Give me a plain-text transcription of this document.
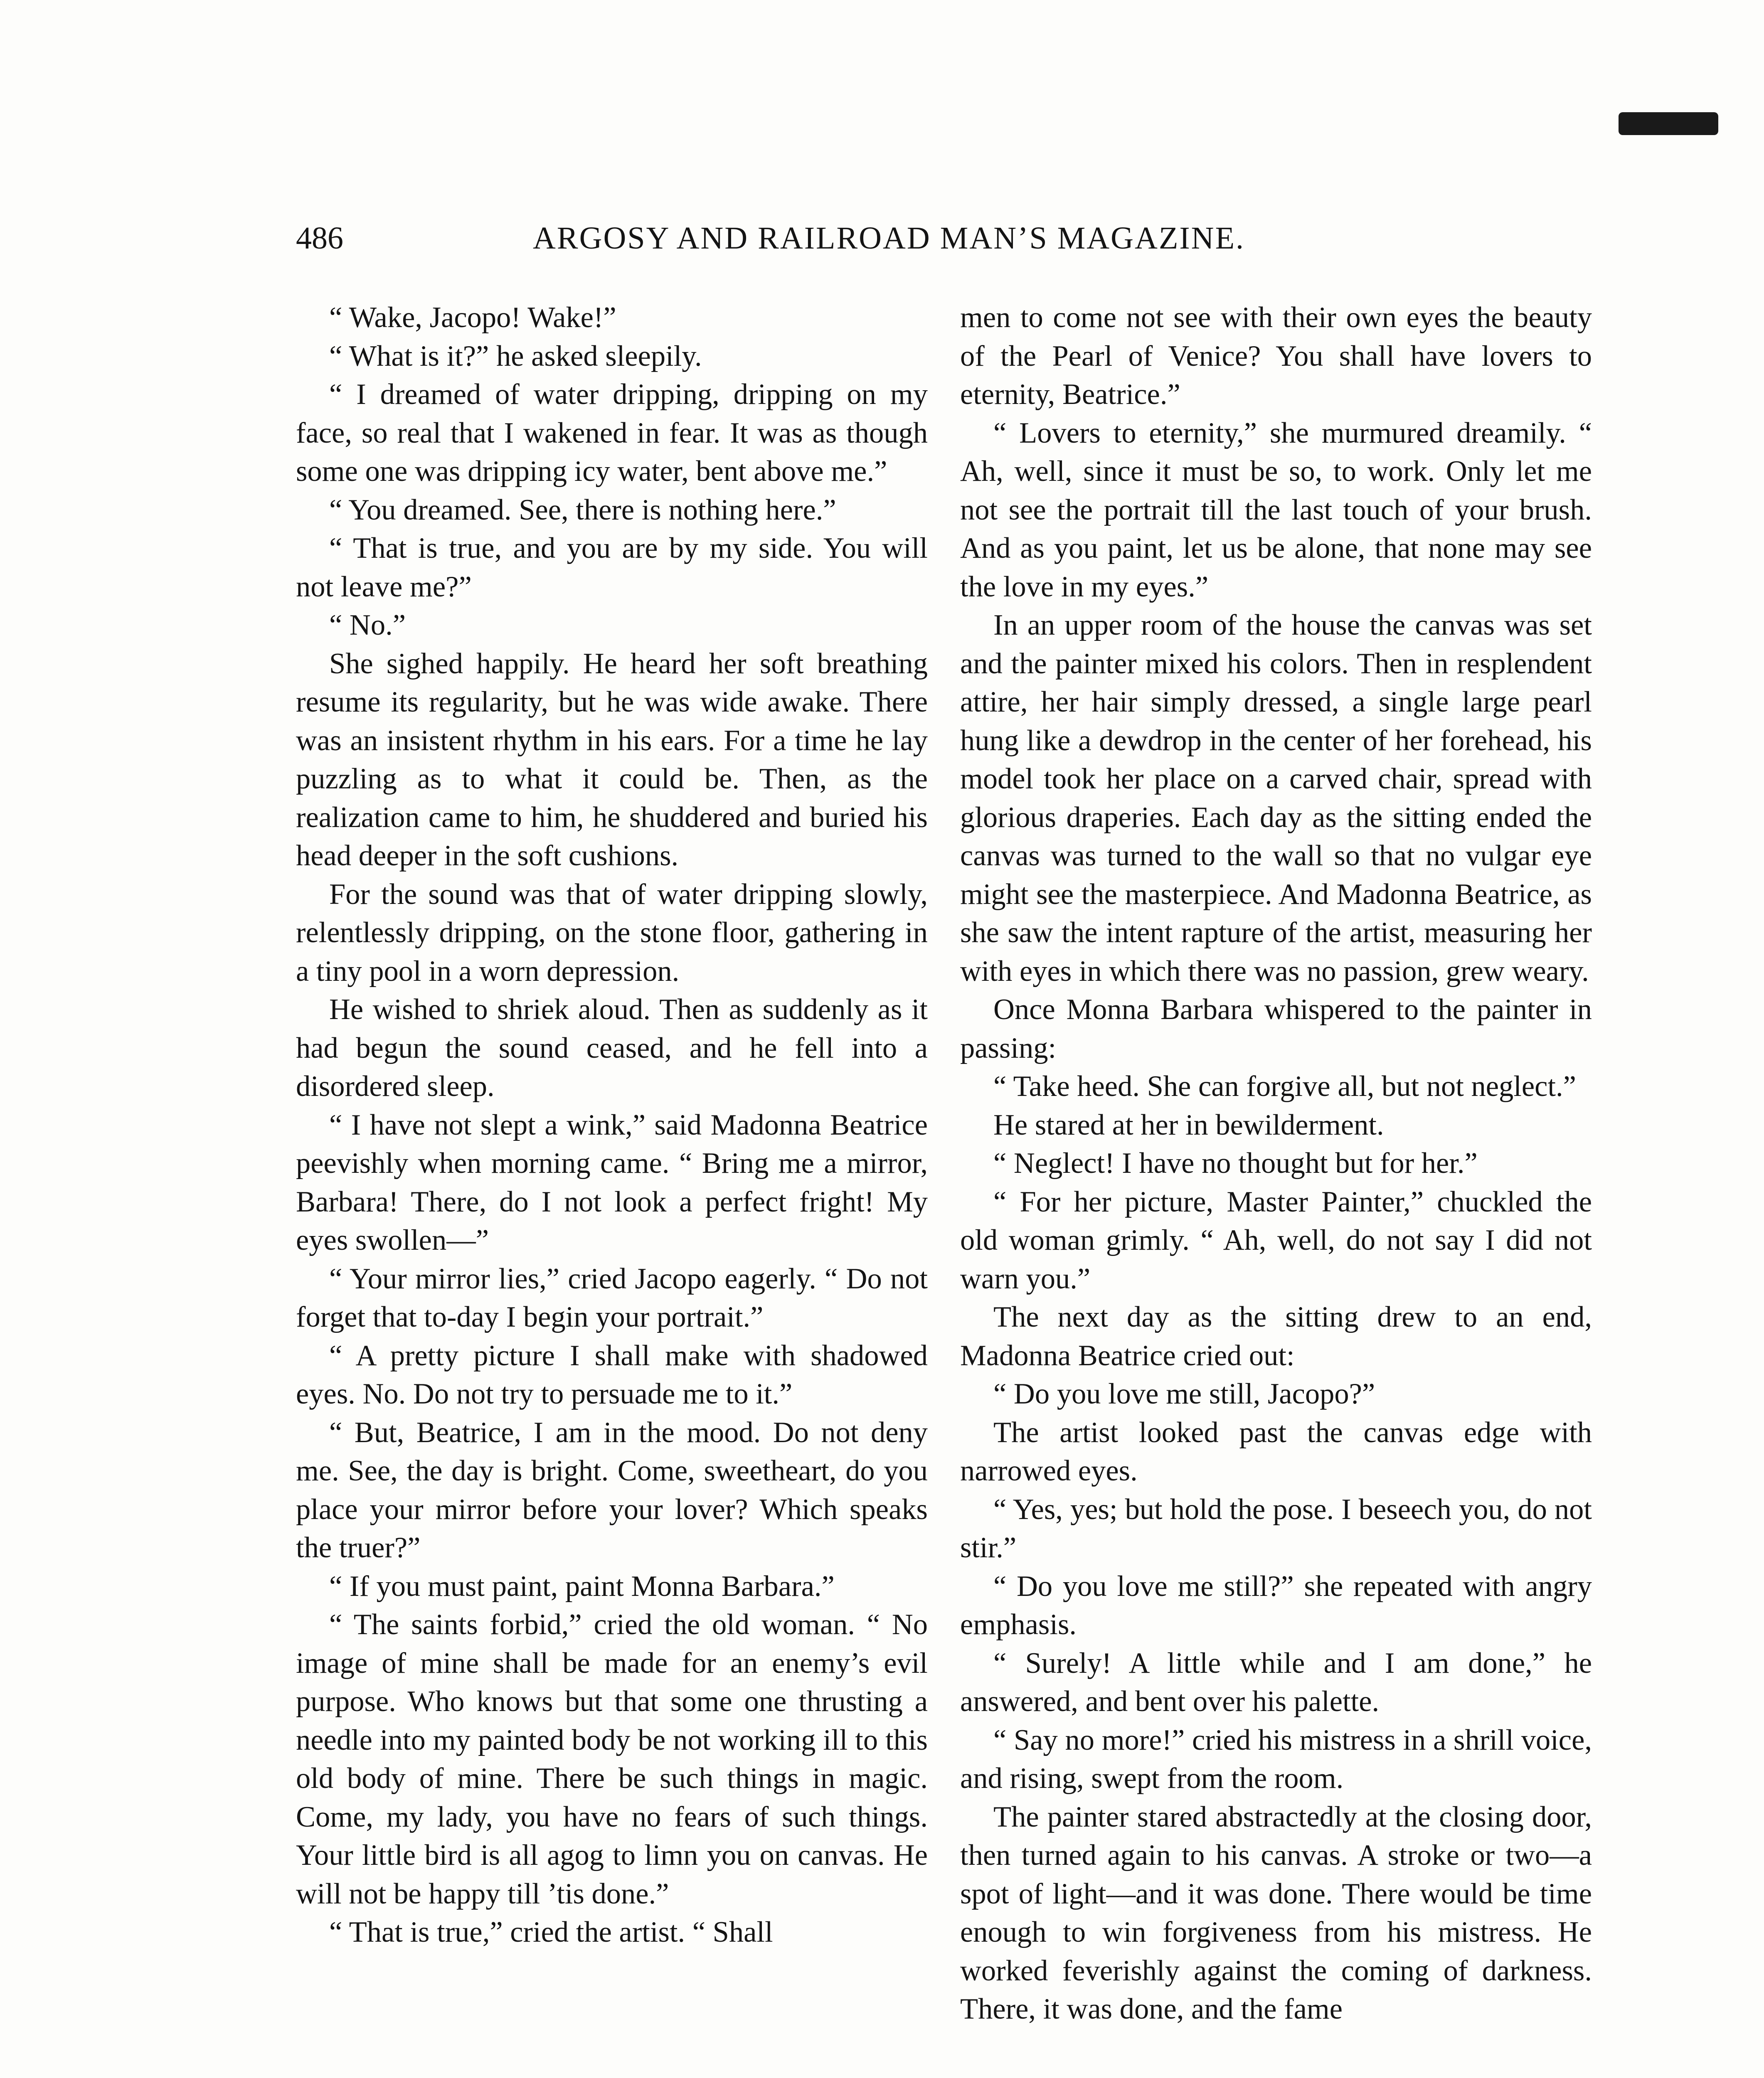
486	ARGOSY AND RAILROAD MAN’S MAGAZINE.

“ Wake, Jacopo! Wake!”

“ What is it?” he asked sleepily.

“ I dreamed of water dripping, dripping on my face, so real that I wakened in fear. It was as though some one was dripping icy water, bent above me.”

“ You dreamed. See, there is nothing here.”

“ That is true, and you are by my side. You will not leave me?”

“ No.”

She sighed happily. He heard her soft breathing resume its regularity, but he was wide awake. There was an insistent rhythm in his ears. For a time he lay puzzling as to what it could be. Then, as the realization came to him, he shuddered and buried his head deeper in the soft cushions.

For the sound was that of water dripping slowly, relentlessly dripping, on the stone floor, gathering in a tiny pool in a worn depression.

He wished to shriek aloud. Then as suddenly as it had begun the sound ceased, and he fell into a disordered sleep.

“ I have not slept a wink,” said Madonna Beatrice peevishly when morning came. “ Bring me a mirror, Barbara! There, do I not look a perfect fright! My eyes swollen—”

“ Your mirror lies,” cried Jacopo eagerly. “ Do not forget that to-day I begin your portrait.”

“ A pretty picture I shall make with shadowed eyes. No. Do not try to persuade me to it.”

“ But, Beatrice, I am in the mood. Do not deny me. See, the day is bright. Come, sweetheart, do you place your mirror before your lover? Which speaks the truer?”

“ If you must paint, paint Monna Barbara.”

“ The saints forbid,” cried the old woman. “ No image of mine shall be made for an enemy’s evil purpose. Who knows but that some one thrusting a needle into my painted body be not working ill to this old body of mine. There be such things in magic. Come, my lady, you have no fears of such things. Your little bird is all agog to limn you on canvas. He will not be happy till ’tis done.”

“ That is true,” cried the artist. “ Shall

men to come not see with their own eyes the beauty of the Pearl of Venice? You shall have lovers to eternity, Beatrice.”

“ Lovers to eternity,” she murmured dreamily. “ Ah, well, since it must be so, to work. Only let me not see the portrait till the last touch of your brush. And as you paint, let us be alone, that none may see the love in my eyes.”

In an upper room of the house the canvas was set and the painter mixed his colors. Then in resplendent attire, her hair simply dressed, a single large pearl hung like a dewdrop in the center of her forehead, his model took her place on a carved chair, spread with glorious draperies. Each day as the sitting ended the canvas was turned to the wall so that no vulgar eye might see the masterpiece. And Madonna Beatrice, as she saw the intent rapture of the artist, measuring her with eyes in which there was no passion, grew weary.

Once Monna Barbara whispered to the painter in passing:

“ Take heed. She can forgive all, but not neglect.”

He stared at her in bewilderment.

“ Neglect! I have no thought but for her.”

“ For her picture, Master Painter,” chuckled the old woman grimly. “ Ah, well, do not say I did not warn you.”

The next day as the sitting drew to an end, Madonna Beatrice cried out:

“ Do you love me still, Jacopo?”

The artist looked past the canvas edge with narrowed eyes.

“ Yes, yes; but hold the pose. I beseech you, do not stir.”

“ Do you love me still?” she repeated with angry emphasis.

“ Surely! A little while and I am done,” he answered, and bent over his palette.

“ Say no more!” cried his mistress in a shrill voice, and rising, swept from the room.

The painter stared abstractedly at the closing door, then turned again to his canvas. A stroke or two—a spot of light—and it was done. There would be time enough to win forgiveness from his mistress. He worked feverishly against the coming of darkness. There, it was done, and the fame
